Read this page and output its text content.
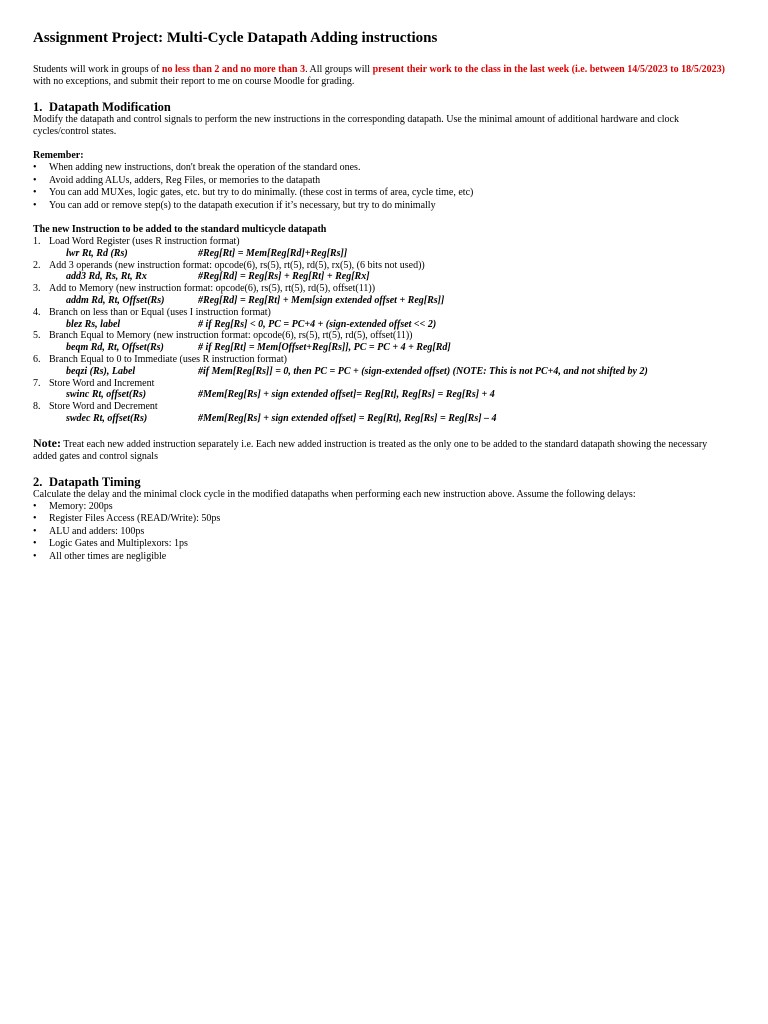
Assignment Project: Multi-Cycle Datapath Adding instructions

Students will work in groups of no less than 2 and no more than 3. All groups will present their work to the class in the last week (i.e. between 14/5/2023 to 18/5/2023) with no exceptions, and submit their report to me on course Moodle for grading.

1. Datapath Modification

Modify the datapath and control signals to perform the new instructions in the corresponding datapath. Use the minimal amount of additional hardware and clock cycles/control states.

Remember:

• When adding new instructions, don't break the operation of the standard ones.
• Avoid adding ALUs, adders, Reg Files, or memories to the datapath
• You can add MUXes, logic gates, etc. but try to do minimally. (these cost in terms of area, cycle time, etc)
• You can add or remove step(s) to the datapath execution if it’s necessary, but try to do minimally

The new Instruction to be added to the standard multicycle datapath

1. Load Word Register (uses R instruction format)
lwr Rt, Rd (Rs)	#Reg[Rt] = Mem[Reg[Rd]+Reg[Rs]]
2. Add 3 operands (new instruction format: opcode(6), rs(5), rt(5), rd(5), rx(5), (6 bits not used))
add3 Rd, Rs, Rt, Rx	#Reg[Rd] = Reg[Rs] + Reg[Rt] + Reg[Rx]
3. Add to Memory (new instruction format: opcode(6), rs(5), rt(5), rd(5), offset(11))
addm Rd, Rt, Offset(Rs)	#Reg[Rd] = Reg[Rt] + Mem[sign extended offset + Reg[Rs]]
4. Branch on less than or Equal (uses I instruction format)
blez Rs, label	# if Reg[Rs] < 0, PC = PC+4 + (sign-extended offset << 2)
5. Branch Equal to Memory (new instruction format: opcode(6), rs(5), rt(5), rd(5), offset(11))
beqm Rd, Rt, Offset(Rs)	# if Reg[Rt] = Mem[Offset+Reg[Rs]], PC = PC + 4 + Reg[Rd]
6. Branch Equal to 0 to Immediate (uses R instruction format)
beqzi (Rs), Label	#if Mem[Reg[Rs]] = 0, then PC = PC + (sign-extended offset) (NOTE: This is not PC+4, and not shifted by 2)
7. Store Word and Increment
swinc Rt, offset(Rs)	#Mem[Reg[Rs] + sign extended offset]= Reg[Rt], Reg[Rs] = Reg[Rs] + 4
8. Store Word and Decrement
swdec Rt, offset(Rs)	#Mem[Reg[Rs] + sign extended offset] = Reg[Rt], Reg[Rs] = Reg[Rs] – 4

Note: Treat each new added instruction separately i.e. Each new added instruction is treated as the only one to be added to the standard datapath showing the necessary added gates and control signals

2. Datapath Timing

Calculate the delay and the minimal clock cycle in the modified datapaths when performing each new instruction above. Assume the following delays:

• Memory: 200ps
• Register Files Access (READ/Write): 50ps
• ALU and adders: 100ps
• Logic Gates and Multiplexors: 1ps
• All other times are negligible
